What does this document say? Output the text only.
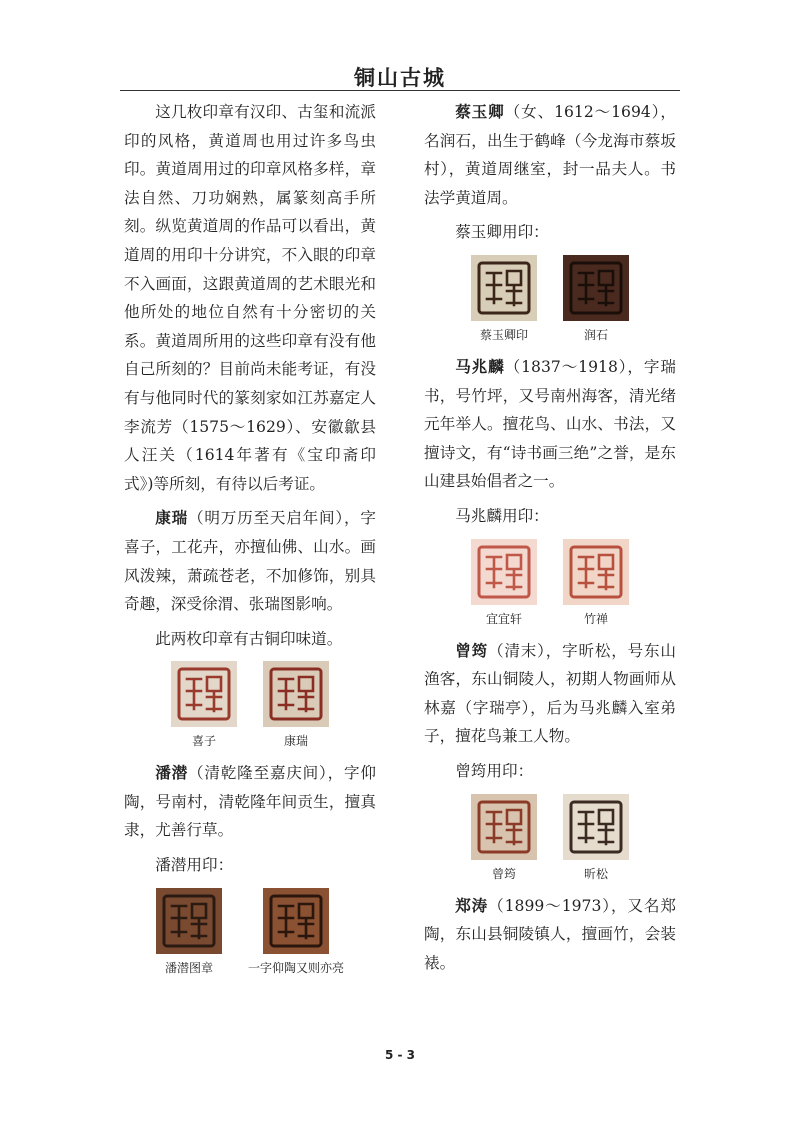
铜山古城

这几枚印章有汉印、古玺和流派印的风格，黄道周也用过许多鸟虫印。黄道周用过的印章风格多样，章法自然、刀功娴熟，属篆刻高手所刻。纵览黄道周的作品可以看出，黄道周的用印十分讲究，不入眼的印章不入画面，这跟黄道周的艺术眼光和他所处的地位自然有十分密切的关系。黄道周所用的这些印章有没有他自己所刻的？目前尚未能考证，有没有与他同时代的篆刻家如江苏嘉定人李流芳（1575～1629）、安徽歙县人汪关（1614年著有《宝印斋印式》)等所刻，有待以后考证。

康瑞（明万历至天启年间），字喜子，工花卉，亦擅仙佛、山水。画风泼辣，萧疏苍老，不加修饰，别具奇趣，深受徐渭、张瑞图影响。

此两枚印章有古铜印味道。

喜子	康瑞

潘潜（清乾隆至嘉庆间），字仰陶，号南村，清乾隆年间贡生，擅真隶，尤善行草。

潘潜用印：

潘潜图章	一字仰陶又则亦亮

蔡玉卿（女、1612～1694），名润石，出生于鹤峰（今龙海市蔡坂村），黄道周继室，封一品夫人。书法学黄道周。

蔡玉卿用印：

蔡玉卿印	润石

马兆麟（1837～1918），字瑞书，号竹坪，又号南州海客，清光绪元年举人。擅花鸟、山水、书法，又擅诗文，有“诗书画三绝”之誉，是东山建县始倡者之一。

马兆麟用印：

宜宜轩	竹禅

曾筠（清末），字昕松，号东山渔客，东山铜陵人，初期人物画师从林嘉（字瑞亭），后为马兆麟入室弟子，擅花鸟兼工人物。

曾筠用印：

曾筠	昕松

郑涛（1899～1973），又名郑陶，东山县铜陵镇人，擅画竹，会装裱。

5 - 3
